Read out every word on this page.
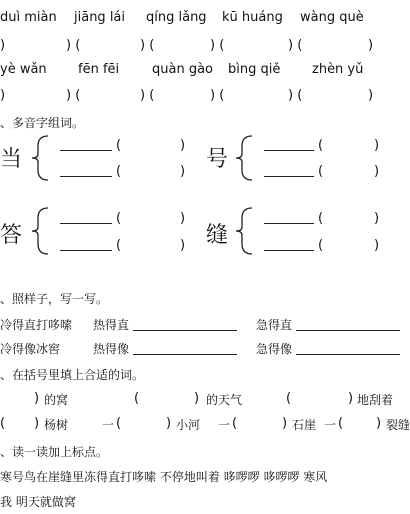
duì miàn jiāng lái qíng lǎng kū huáng wàng què
)	) (	) (	) (	) (	)
yè wǎn fēn fēi	quàn gào bìng qiě zhèn yǔ
)	) (	) (	) (	) (	)
、多音字组词。
当
(	)
(	) 号
(	)
(	)
答
(	)
(	) 缝
(	)
(	)
、照样子，写一写。
冷得直打哆嗦 热得直	急得直
冷得像冰窖	热得像	急得像
、在括号里填上合适的词。
) 的窝	(	) 的天气	(	) 地刮着
( ) 杨树	一 (	) 小河 一 (	) 石崖 一 (	) 裂缝
、读一读加上标点。
寒号鸟在崖缝里冻得直打哆嗦 不停地叫着 哆啰啰 哆啰啰 寒风
我 明天就做窝
